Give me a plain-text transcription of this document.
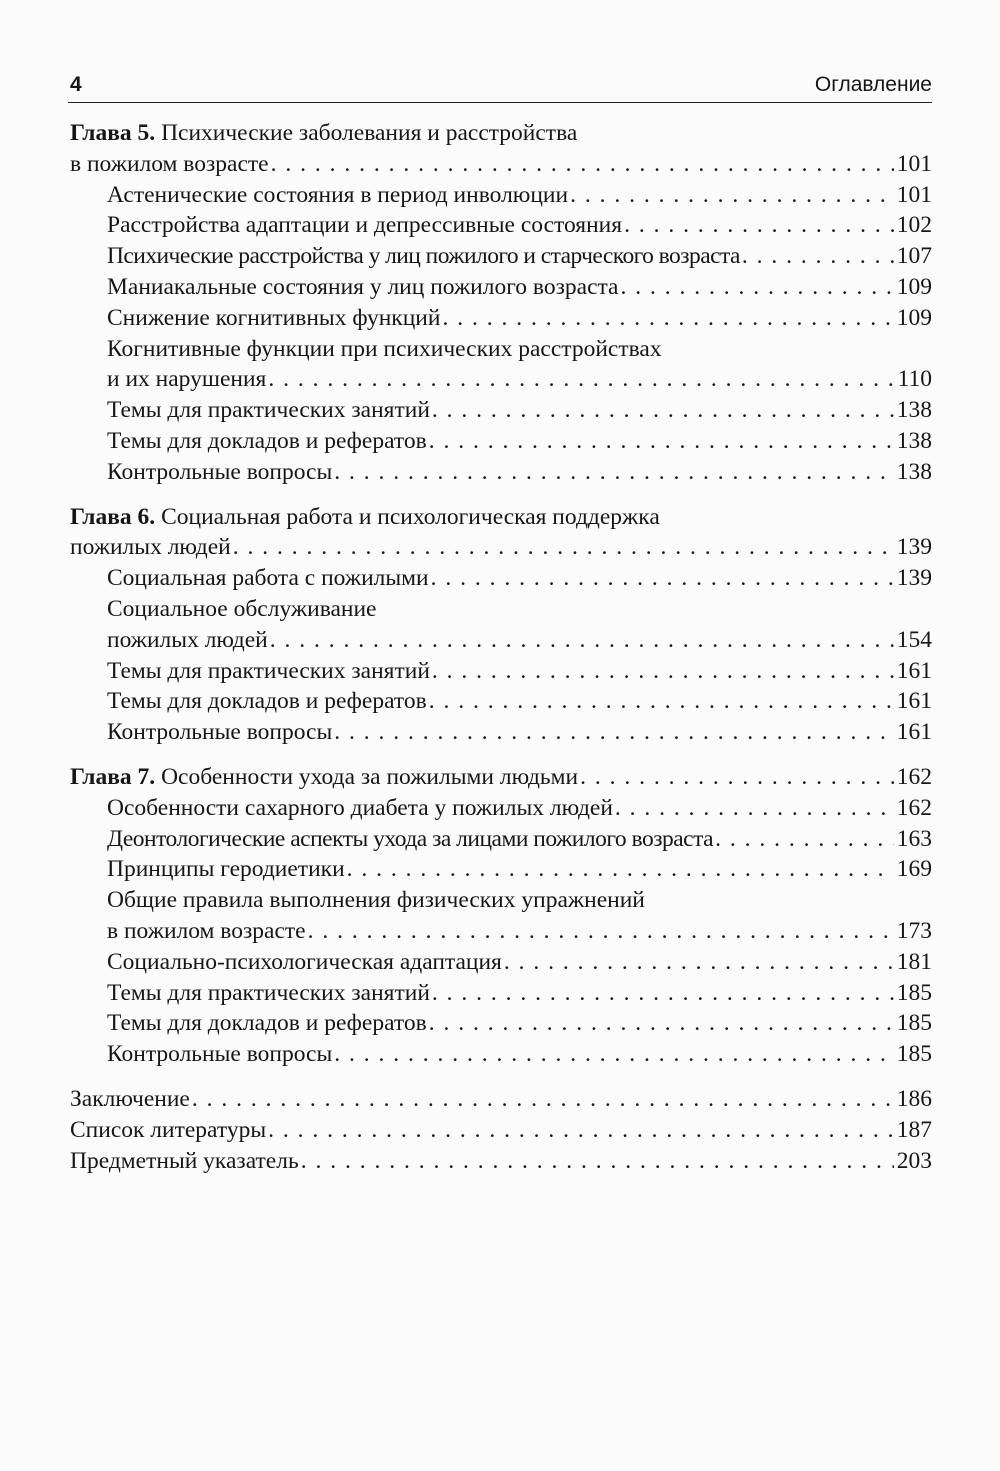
4	Оглавление
Глава 5. Психические заболевания и расстройства
в пожилом возрасте . . .	101
Астенические состояния в период инволюции . . .	101
Расстройства адаптации и депрессивные состояния . . .	102
Психические расстройства у лиц пожилого и старческого возраста . . .	107
Маниакальные состояния у лиц пожилого возраста . . .	109
Снижение когнитивных функций . . .	109
Когнитивные функции при психических расстройствах
и их нарушения . . .	110
Темы для практических занятий . . .	138
Темы для докладов и рефератов . . .	138
Контрольные вопросы . . .	138
Глава 6. Социальная работа и психологическая поддержка
пожилых людей . . .	139
Социальная работа с пожилыми . . .	139
Социальное обслуживание
пожилых людей . . .	154
Темы для практических занятий . . .	161
Темы для докладов и рефератов . . .	161
Контрольные вопросы . . .	161
Глава 7. Особенности ухода за пожилыми людьми . . .	162
Особенности сахарного диабета у пожилых людей . . .	162
Деонтологические аспекты ухода за лицами пожилого возраста . . .	163
Принципы геродиетики . . .	169
Общие правила выполнения физических упражнений
в пожилом возрасте . . .	173
Социально-психологическая адаптация . . .	181
Темы для практических занятий . . .	185
Темы для докладов и рефератов . . .	185
Контрольные вопросы . . .	185
Заключение . . .	186
Список литературы . . .	187
Предметный указатель . . .	203
